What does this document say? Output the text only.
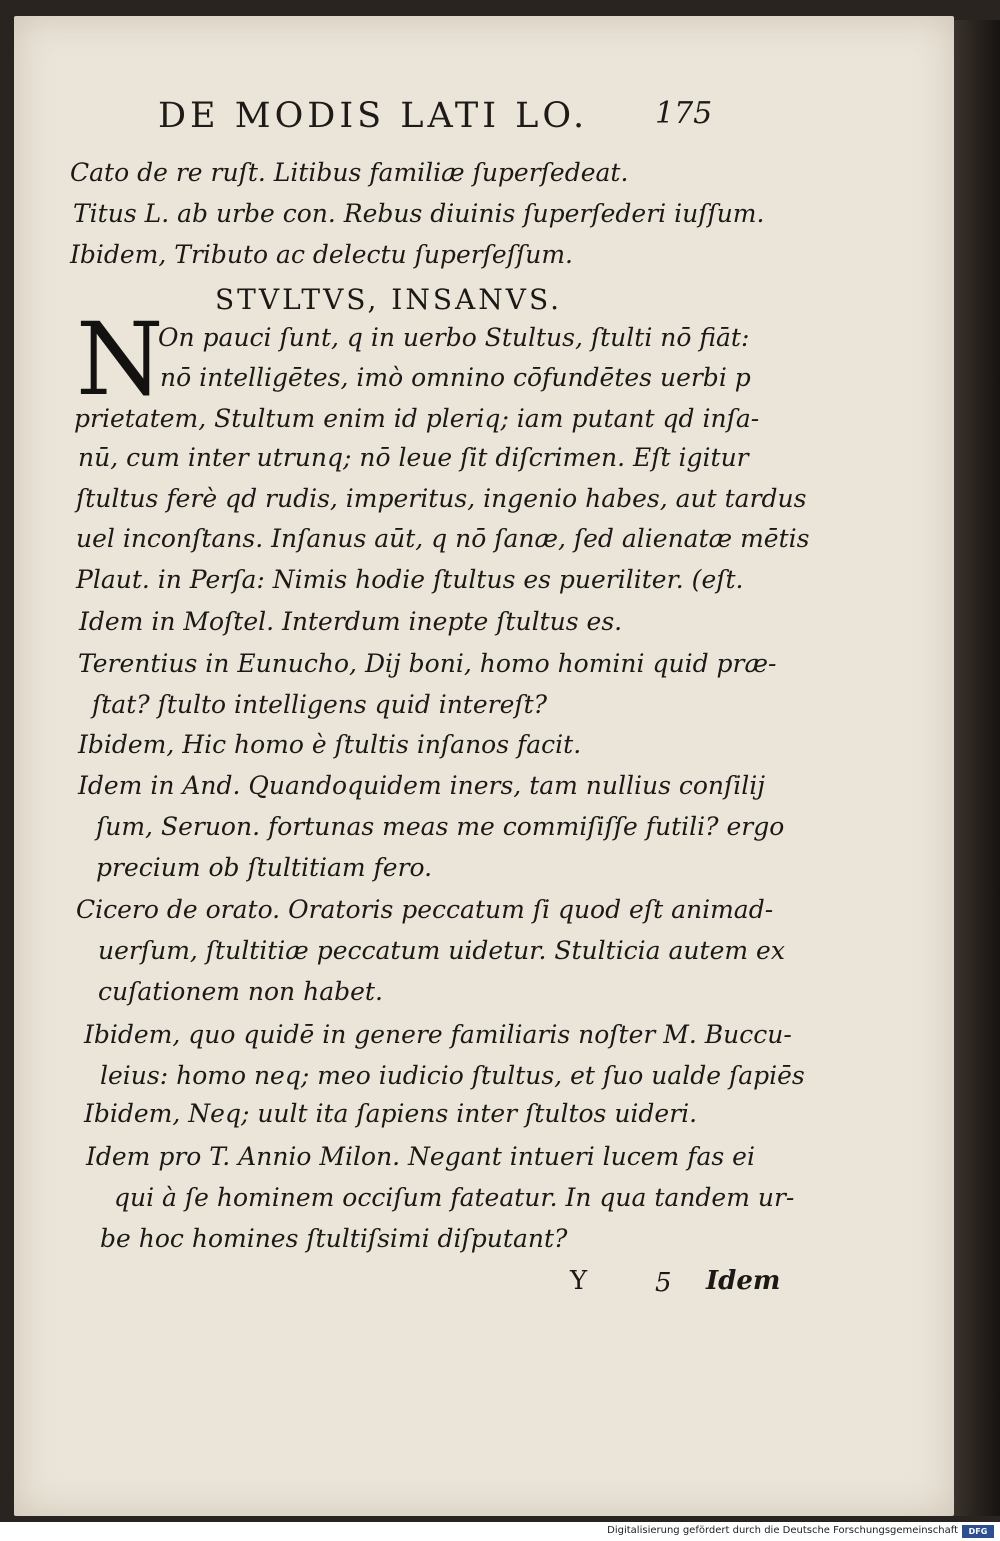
DE MODIS LATI LO. 175
Cato de re ruſt. Litibus familiæ ſuperſedeat.
Titus L. ab urbe con. Rebus diuinis ſuperſederi iuſſum.
Ibidem, Tributo ac delectu ſuperſeſſum.
STVLTVS, INSANVS.
N
On pauci ſunt, q in uerbo Stultus, ſtulti nō fiāt:
nō intelligētes, imò omnino cōfundētes uerbi p
prietatem, Stultum enim id pleriq; iam putant qd inſa-
nū, cum inter utrunq; nō leue ſit diſcrimen. Eſt igitur
ſtultus ferè qd rudis, imperitus, ingenio habes, aut tardus
uel inconſtans. Inſanus aūt, q nō ſanæ, ſed alienatæ mētis
Plaut. in Perſa: Nimis hodie ſtultus es pueriliter. (eſt.
Idem in Moſtel. Interdum inepte ſtultus es.
Terentius in Eunucho, Dij boni, homo homini quid præ-
ſtat? ſtulto intelligens quid intereſt?
Ibidem, Hic homo è ſtultis inſanos facit.
Idem in And. Quandoquidem iners, tam nullius conſilij
ſum, Seruon. fortunas meas me commiſiſſe futili? ergo
precium ob ſtultitiam fero.
Cicero de orato. Oratoris peccatum ſi quod eſt animad-
uerſum, ſtultitiæ peccatum uidetur. Stulticia autem ex
cuſationem non habet.
Ibidem, quo quidē in genere familiaris noſter M. Buccu-
leius: homo neq; meo iudicio ſtultus, et ſuo ualde ſapiēs
Ibidem, Neq; uult ita ſapiens inter ſtultos uideri.
Idem pro T. Annio Milon. Negant intueri lucem fas ei
qui à ſe hominem occiſum fateatur. In qua tandem ur-
be hoc homines ſtultiſsimi diſputant?
Y	5 Idem
Digitalisierung gefördert durch die Deutsche Forschungsgemeinschaft	DFG
